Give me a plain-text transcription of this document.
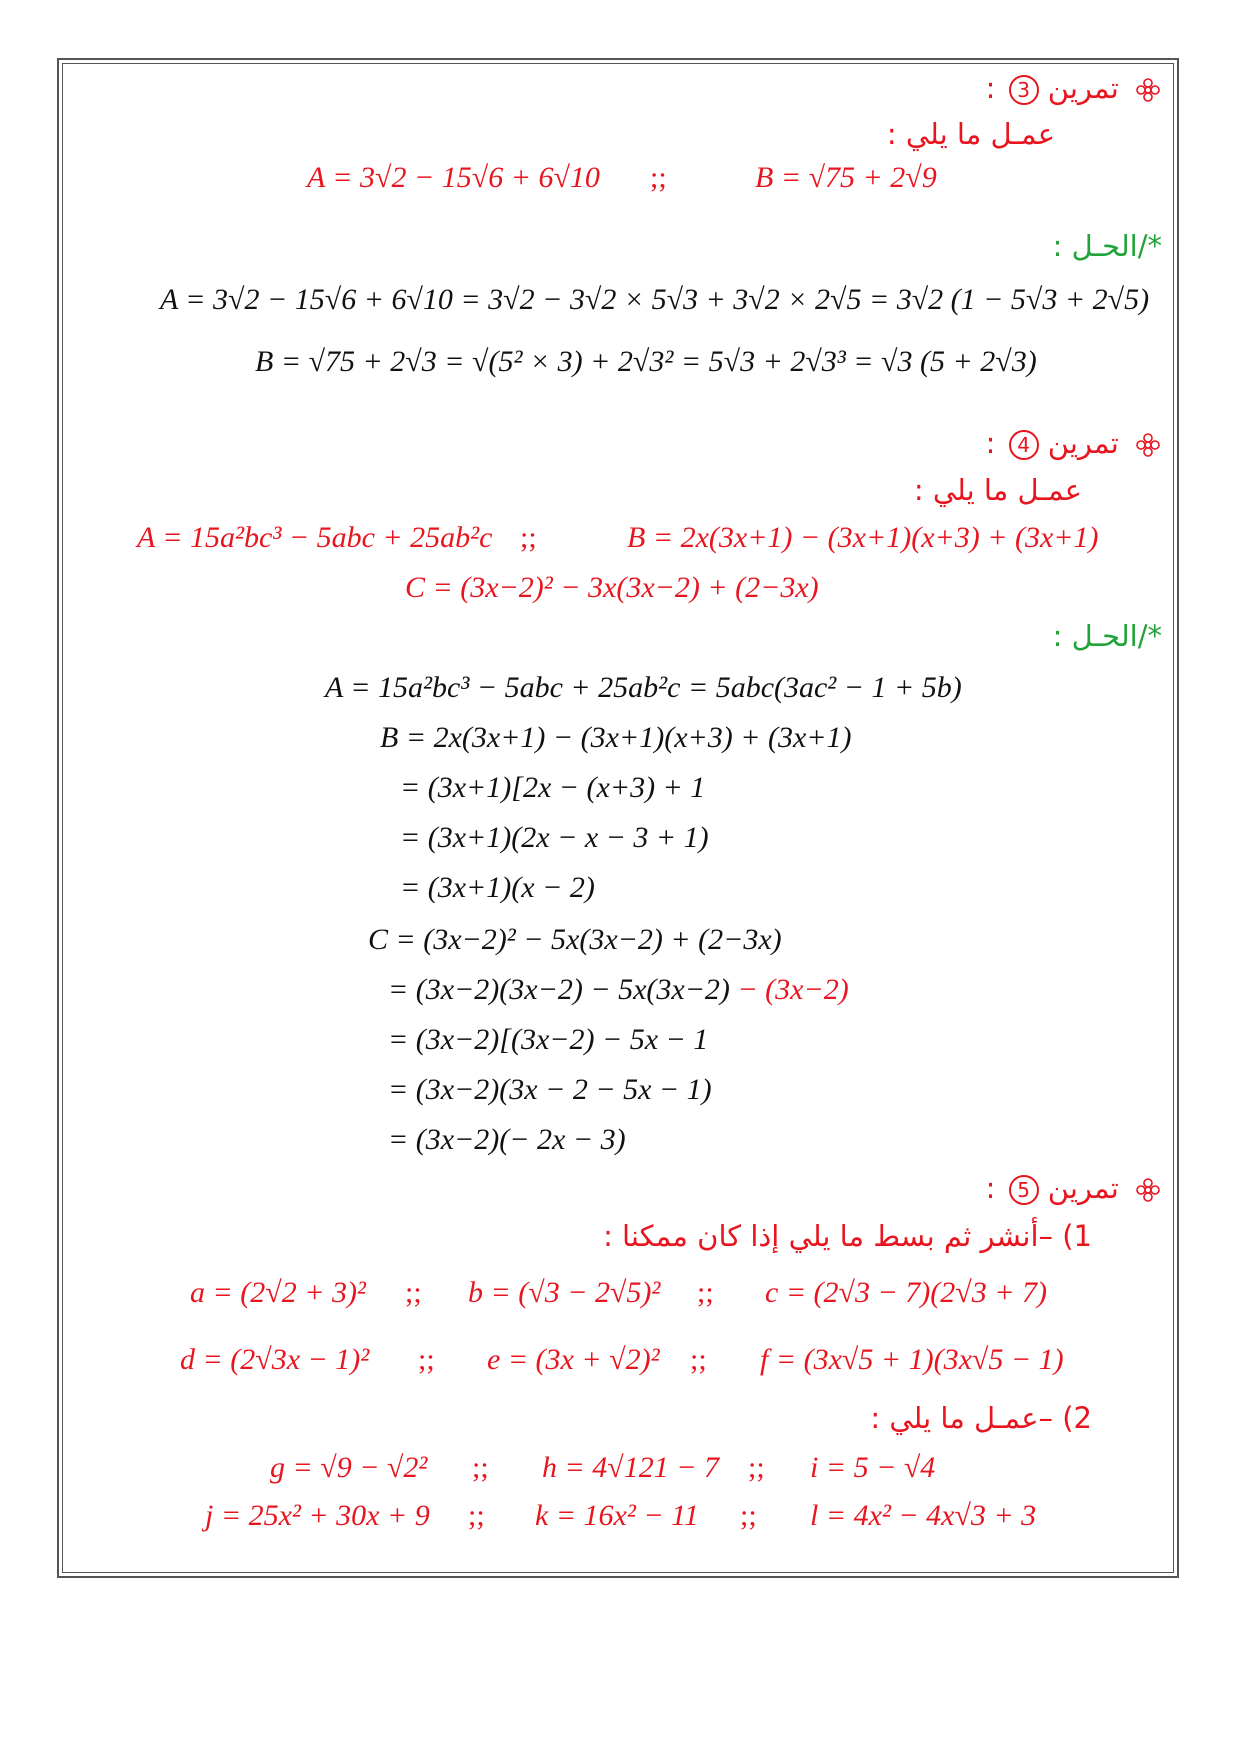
تمرين 3 :
عمـل ما يلي :
A = 3√2 − 15√6 + 6√10 ;;	B = √75 + 2√9
*/الحـل :
A = 3√2 − 15√6 + 6√10 = 3√2 − 3√2 × 5√3 + 3√2 × 2√5 = 3√2 (1 − 5√3 + 2√5)
B = √75 + 2√3 = √(5² × 3) + 2√3² = 5√3 + 2√3³ = √3 (5 + 2√3)
تمرين 4 :
عمـل ما يلي :
A = 15a²bc³ − 5abc + 25ab²c ;;	B = 2x(3x+1) − (3x+1)(x+3) + (3x+1)
C = (3x−2)² − 3x(3x−2) + (2−3x)
*/الحـل :
A = 15a²bc³ − 5abc + 25ab²c = 5abc(3ac² − 1 + 5b)
B = 2x(3x+1) − (3x+1)(x+3) + (3x+1)
= (3x+1)[2x − (x+3) + 1
= (3x+1)(2x − x − 3 + 1)
= (3x+1)(x − 2)
C = (3x−2)² − 5x(3x−2) + (2−3x)
= (3x−2)(3x−2) − 5x(3x−2) − (3x−2)
= (3x−2)[(3x−2) − 5x − 1
= (3x−2)(3x − 2 − 5x − 1)
= (3x−2)(− 2x − 3)
تمرين 5 :
1) –أنشر ثم بسط ما يلي إذا كان ممكنا :
a = (2√2 + 3)² ;; b = (√3 − 2√5)² ;; c = (2√3 − 7)(2√3 + 7)
d = (2√3x − 1)² ;; e = (3x + √2)² ;; f = (3x√5 + 1)(3x√5 − 1)
2) –عمـل ما يلي :
g = √9 − √2² ;; h = 4√121 − 7 ;; i = 5 − √4
j = 25x² + 30x + 9 ;; k = 16x² − 11 ;; l = 4x² − 4x√3 + 3
